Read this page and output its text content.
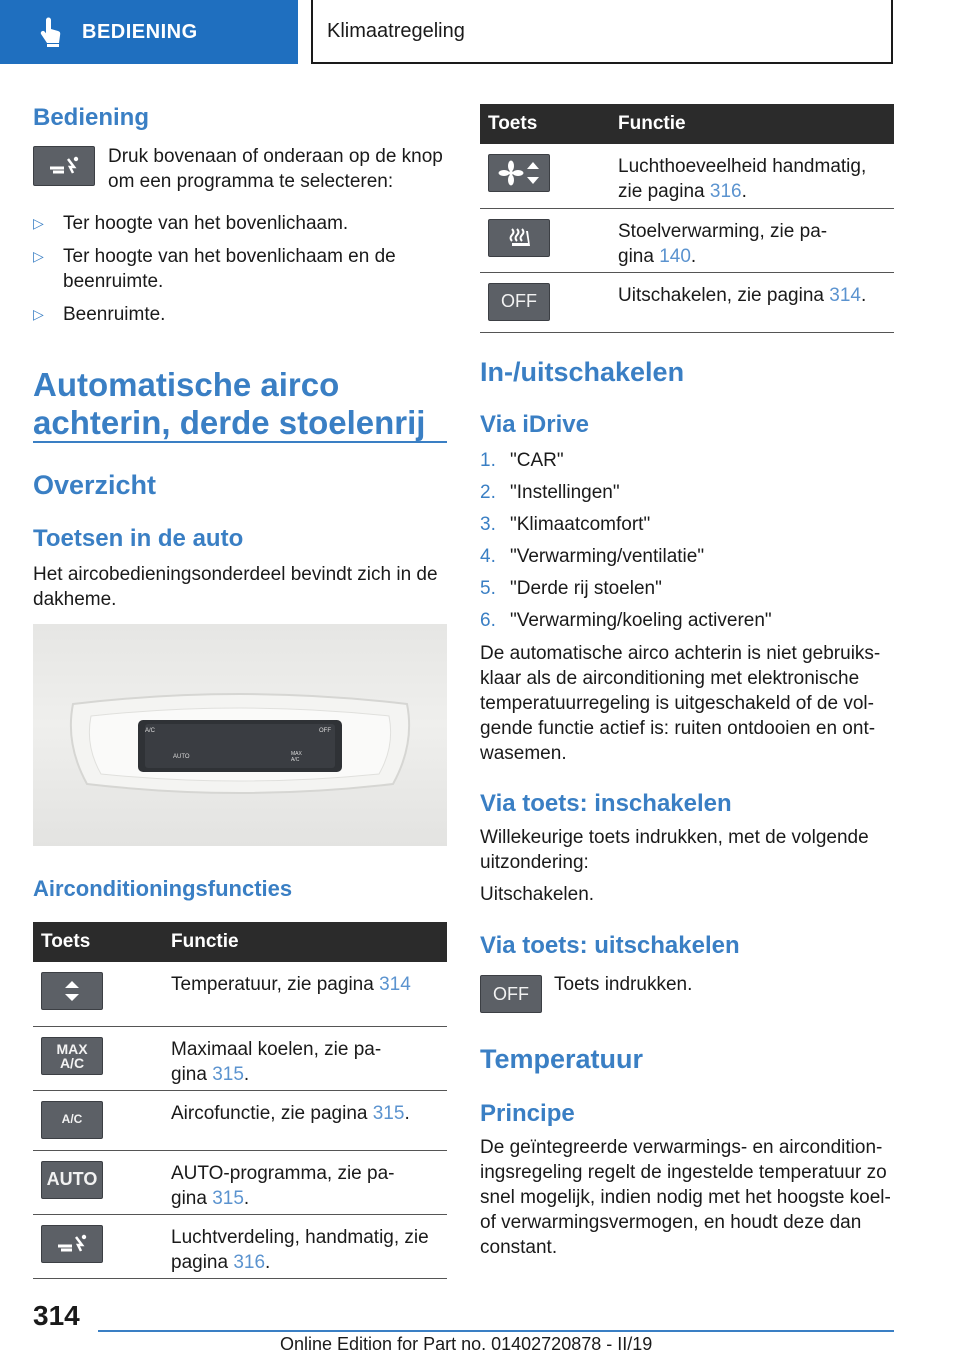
BEDIENING	Klimaatregeling
Bediening
Druk bovenaan of onderaan op de knop om een programma te selecteren:
▷ Ter hoogte van het bovenlichaam.
▷ Ter hoogte van het bovenlichaam en de beenruimte.
▷ Beenruimte.
Automatische airco
achterin, derde stoelenrij
Overzicht
Toetsen in de auto
Het aircobedieningsonderdeel bevindt zich in de dakheme.
A/C	OFF
AUTO	MAX
A/C
Airconditioningsfuncties
Toets	Functie

	Temperatuur, zie pagina 314

MAX
A/C	Maximaal koelen, zie pa-
gina 315.

A/C	Aircofunctie, zie pagina 315.

AUTO	AUTO-programma, zie pa-
gina 315.

	Luchtverdeling, handmatig, zie
pagina 316.
Toets	Functie

	Luchthoeveelheid handmatig,
zie pagina 316.

	Stoelverwarming, zie pa-
gina 140.

OFF	Uitschakelen, zie pagina 314.
In-/uitschakelen
Via iDrive
1. "CAR"
2. "Instellingen"
3. "Klimaatcomfort"
4. "Verwarming/ventilatie"
5. "Derde rij stoelen"
6. "Verwarming/koeling activeren"
De automatische airco achterin is niet gebruiks-
klaar als de airconditioning met elektronische
temperatuurregeling is uitgeschakeld of de vol-
gende functie actief is: ruiten ontdooien en ont-
wasemen.
Via toets: inschakelen
Willekeurige toets indrukken, met de volgende
uitzondering:
Uitschakelen.
Via toets: uitschakelen
OFF	Toets indrukken.
Temperatuur
Principe
De geïntegreerde verwarmings- en aircondition-
ingsregeling regelt de ingestelde temperatuur zo
snel mogelijk, indien nodig met het hoogste koel-
of verwarmingsvermogen, en houdt deze dan
constant.
314
Online Edition for Part no. 01402720878 - II/19
